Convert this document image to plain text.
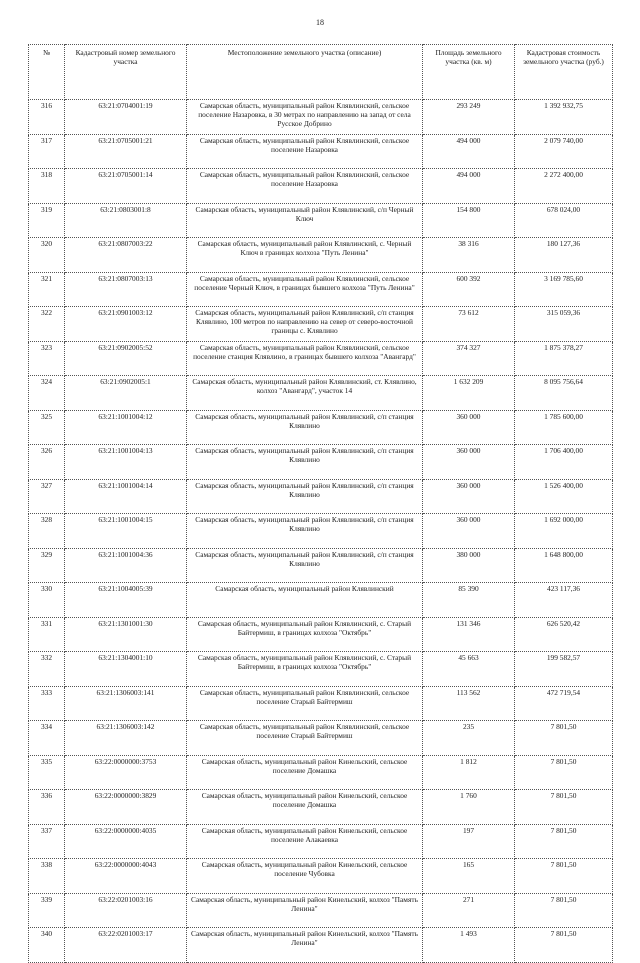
18
№	Кадастровый номер земельного участка	Местоположение земельного участка (описание)	Площадь земельного участка (кв. м)	Кадастровая стоимость земельного участка (руб.)
316	63:21:0704001:19	Самарская область, муниципальный район Клявлинский, сельское поселение Назаровка, в 30 метрах по направлению на запад от села Русское Добрино	293 249	1 392 932,75
317	63:21:0705001:21	Самарская область, муниципальный район Клявлинский, сельское поселение Назаровка	494 000	2 079 740,00
318	63:21:0705001:14	Самарская область, муниципальный район Клявлинский, сельское поселение Назаровка	494 000	2 272 400,00
319	63:21:0803001:8	Самарская область, муниципальный район Клявлинский, с/п Черный Ключ	154 800	678 024,00
320	63:21:0807003:22	Самарская область, муниципальный район Клявлинский, с. Черный Ключ в границах колхоза "Путь Ленина"	38 316	180 127,36
321	63:21:0807003:13	Самарская область, муниципальный район Клявлинский, сельское поселение Черный Ключ, в границах бывшего колхоза "Путь Ленина"	600 392	3 169 785,60
322	63:21:0901003:12	Самарская область, муниципальный район Клявлинский, с/п станция Клявлино, 100 метров по направлению на север от северо-восточной границы с. Клявлино	73 612	315 059,36
323	63:21:0902005:52	Самарская область, муниципальный район Клявлинский, сельское поселение станция Клявлино, в границах бывшего колхоза "Авангард"	374 327	1 875 378,27
324	63:21:0902005:1	Самарская область, муниципальный район Клявлинский, ст. Клявлино, колхоз "Авангард", участок 14	1 632 209	8 095 756,64
325	63:21:1001004:12	Самарская область, муниципальный район Клявлинский, с/п станция Клявлино	360 000	1 785 600,00
326	63:21:1001004:13	Самарская область, муниципальный район Клявлинский, с/п станция Клявлино	360 000	1 706 400,00
327	63:21:1001004:14	Самарская область, муниципальный район Клявлинский, с/п станция Клявлино	360 000	1 526 400,00
328	63:21:1001004:15	Самарская область, муниципальный район Клявлинский, с/п станция Клявлино	360 000	1 692 000,00
329	63:21:1001004:36	Самарская область, муниципальный район Клявлинский, с/п станция Клявлино	380 000	1 648 800,00
330	63:21:1004005:39	Самарская область, муниципальный район Клявлинский	85 390	423 117,36
331	63:21:1301001:30	Самарская область, муниципальный район Клявлинский, с. Старый Байтермиш, в границах колхоза "Октябрь"	131 346	626 520,42
332	63:21:1304001:10	Самарская область, муниципальный район Клявлинский, с. Старый Байтермиш, в границах колхоза "Октябрь"	45 663	199 582,57
333	63:21:1306003:141	Самарская область, муниципальный район Клявлинский, сельское поселение Старый Байтермиш	113 562	472 719,54
334	63:21:1306003:142	Самарская область, муниципальный район Клявлинский, сельское поселение Старый Байтермиш	235	7 801,50
335	63:22:0000000:3753	Самарская область, муниципальный район Кинельский, сельское поселение Домашка	1 812	7 801,50
336	63:22:0000000:3829	Самарская область, муниципальный район Кинельский, сельское поселение Домашка	1 760	7 801,50
337	63:22:0000000:4035	Самарская область, муниципальный район Кинельский, сельское поселение Алакаевка	197	7 801,50
338	63:22:0000000:4043	Самарская область, муниципальный район Кинельский, сельское поселение Чубовка	165	7 801,50
339	63:22:0201003:16	Самарская область, муниципальный район Кинельский, колхоз "Память Ленина"	271	7 801,50
340	63:22:0201003:17	Самарская область, муниципальный район Кинельский, колхоз "Память Ленина"	1 493	7 801,50
